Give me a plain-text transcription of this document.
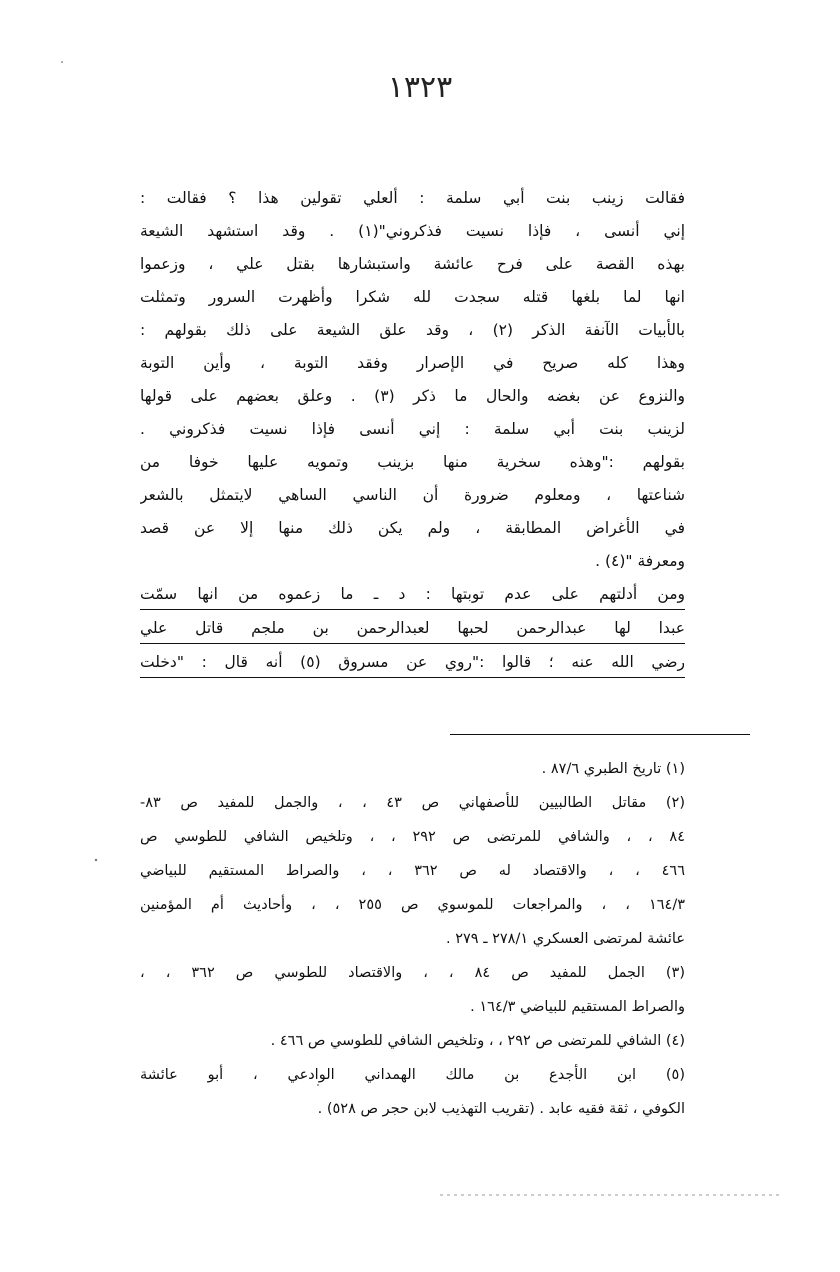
١٣٢٣
فقالت زينب بنت أبي سلمة : ألعلي تقولين هذا ؟ فقالت :
إني أنسى ، فإذا نسيت فذكروني"(١) . وقد استشهد الشيعة
بهذه القصة على فرح عائشة واستبشارها بقتل علي ، وزعموا
انها لما بلغها قتله سجدت لله شكرا وأظهرت السرور وتمثلت
بالأبيات الآنفة الذكر (٢) ، وقد علق الشيعة على ذلك بقولهم :
وهذا كله صريح في الإصرار وفقد التوبة ، وأين التوبة
والنزوع عن بغضه والحال ما ذكر (٣) . وعلق بعضهم على قولها
لزينب بنت أبي سلمة : إني أنسى فإذا نسيت فذكروني .
بقولهم :"وهذه سخرية منها بزينب وتمويه عليها خوفا من
شناعتها ، ومعلوم ضرورة أن الناسي الساهي لايتمثل بالشعر
في الأغراض المطابقة ، ولم يكن ذلك منها إلا عن قصد
ومعرفة "(٤) .
ومن أدلتهم على عدم توبتها : د ـ ما زعموه من انها سمّت
عبدا لها عبدالرحمن لحبها لعبدالرحمن بن ملجم قاتل علي
رضي الله عنه ؛ قالوا :"روي عن مسروق (٥) أنه قال : "دخلت
(١) تاريخ الطبري ٨٧/٦ .
(٢) مقاتل الطالبيين للأصفهاني ص ٤٣ ، ، والجمل للمفيد ص ٨٣-
٨٤ ، ، والشافي للمرتضى ص ٢٩٢ ، ، وتلخيص الشافي للطوسي ص
٤٦٦ ، ، والاقتصاد له ص ٣٦٢ ، ، والصراط المستقيم للبياضي
١٦٤/٣ ، ، والمراجعات للموسوي ص ٢٥٥ ، ، وأحاديث أم المؤمنين
عائشة لمرتضى العسكري ٢٧٨/١ ـ ٢٧٩ .
(٣) الجمل للمفيد ص ٨٤ ، ، والاقتصاد للطوسي ص ٣٦٢ ، ،
والصراط المستقيم للبياضي ١٦٤/٣ .
(٤) الشافي للمرتضى ص ٢٩٢ ، ، وتلخيص الشافي للطوسي ص ٤٦٦ .
(٥) ابن الأجدع بن مالك الهمداني الوادعي ، أبو عائشة
الكوفي ، ثقة فقيه عابد . (تقريب التهذيب لابن حجر ص ٥٢٨) .
